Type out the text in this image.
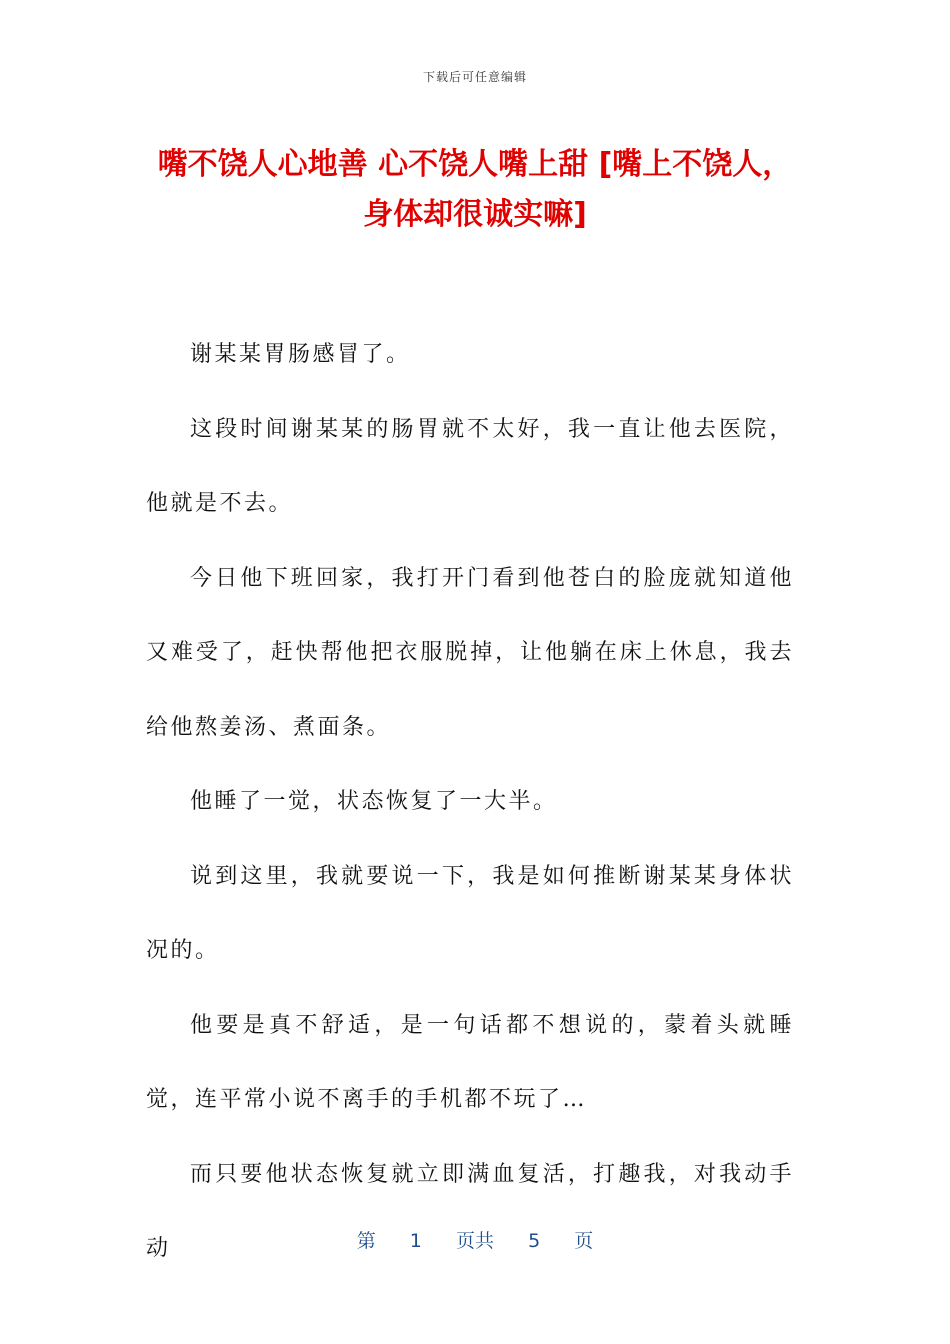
下载后可任意编辑
嘴不饶人心地善 心不饶人嘴上甜 [嘴上不饶人，身体却很诚实嘛]

谢某某胃肠感冒了。

这段时间谢某某的肠胃就不太好，我一直让他去医院，他就是不去。

今日他下班回家，我打开门看到他苍白的脸庞就知道他又难受了，赶快帮他把衣服脱掉，让他躺在床上休息，我去给他熬姜汤、煮面条。

他睡了一觉，状态恢复了一大半。

说到这里，我就要说一下，我是如何推断谢某某身体状况的。

他要是真不舒适，是一句话都不想说的，蒙着头就睡觉，连平常小说不离手的手机都不玩了…

而只要他状态恢复就立即满血复活，打趣我，对我动手动	第 1 页共 5 页
